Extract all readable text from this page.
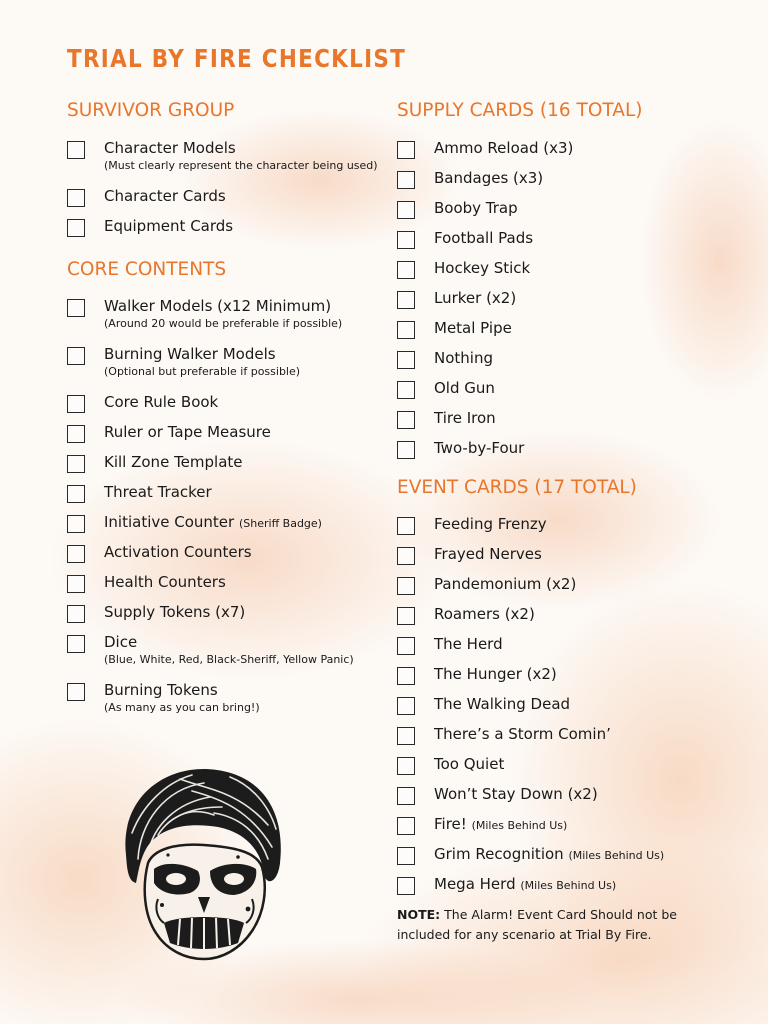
TRIAL BY FIRE CHECKLIST
SURVIVOR GROUP
Character Models
(Must clearly represent the character being used)
Character Cards
Equipment Cards
CORE CONTENTS
Walker Models (x12 Minimum)
(Around 20 would be preferable if possible)
Burning Walker Models
(Optional but preferable if possible)
Core Rule Book
Ruler or Tape Measure
Kill Zone Template
Threat Tracker
Initiative Counter (Sheriff Badge)
Activation Counters
Health Counters
Supply Tokens (x7)
Dice
(Blue, White, Red, Black-Sheriff, Yellow Panic)
Burning Tokens
(As many as you can bring!)
SUPPLY CARDS (16 TOTAL)
Ammo Reload (x3)
Bandages (x3)
Booby Trap
Football Pads
Hockey Stick
Lurker (x2)
Metal Pipe
Nothing
Old Gun
Tire Iron
Two-by-Four
EVENT CARDS (17 TOTAL)
Feeding Frenzy
Frayed Nerves
Pandemonium (x2)
Roamers (x2)
The Herd
The Hunger (x2)
The Walking Dead
There’s a Storm Comin’
Too Quiet
Won’t Stay Down (x2)
Fire! (Miles Behind Us)
Grim Recognition (Miles Behind Us)
Mega Herd (Miles Behind Us)

NOTE: The Alarm! Event Card Should not be included for any scenario at Trial By Fire.
